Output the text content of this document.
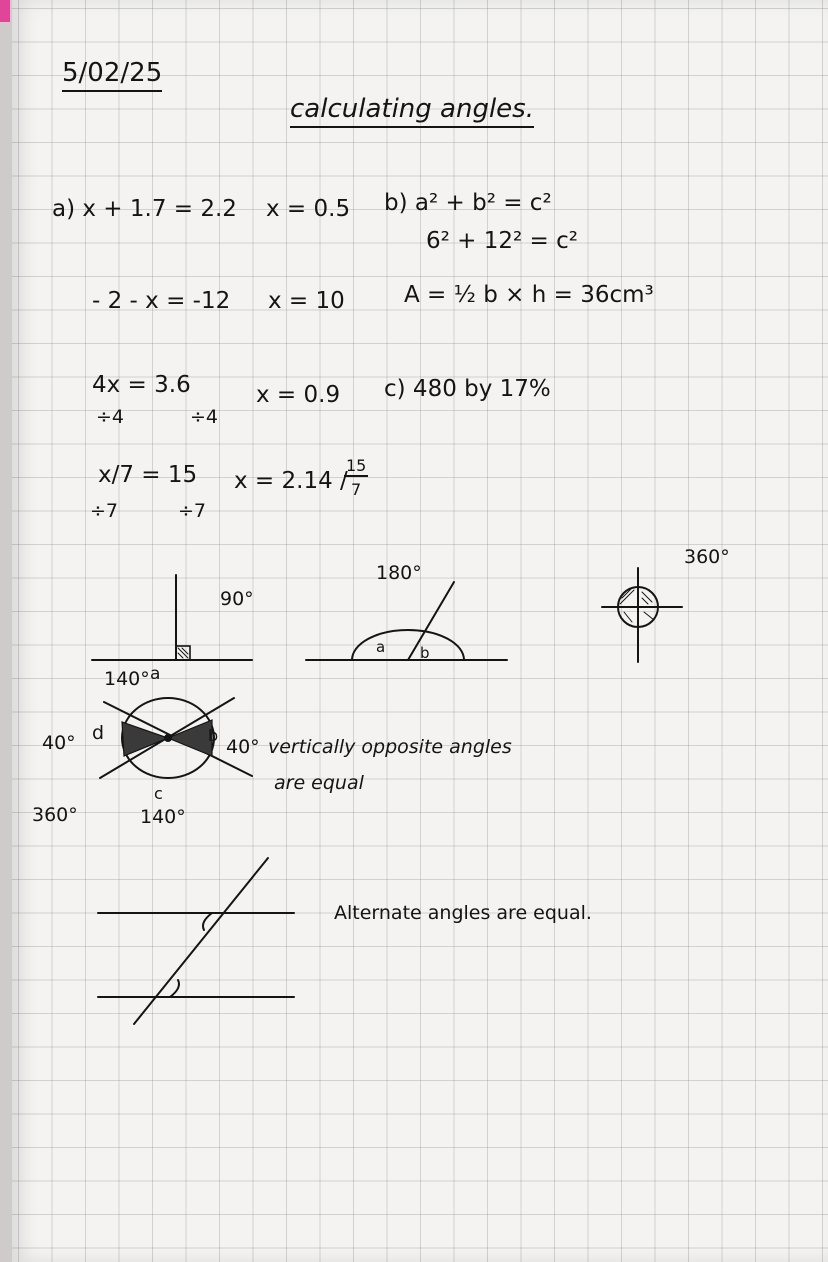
5/02/25
calculating angles.
a) x + 1.7 = 2.2 x = 0.5
- 2 - x = -12 x = 10
4x = 3.6
÷4	÷4
x = 0.9
x/7 = 15
÷7	÷7
x = 2.14 /
15
7
b) a² + b² = c²
6² + 12² = c²
A = ½ b × h = 36cm³
c) 480 by 17%
90°
180°
a b
360°
140° a
40° d	b
40°
c
140°
360°
vertically opposite angles
are equal
Alternate angles are equal.
